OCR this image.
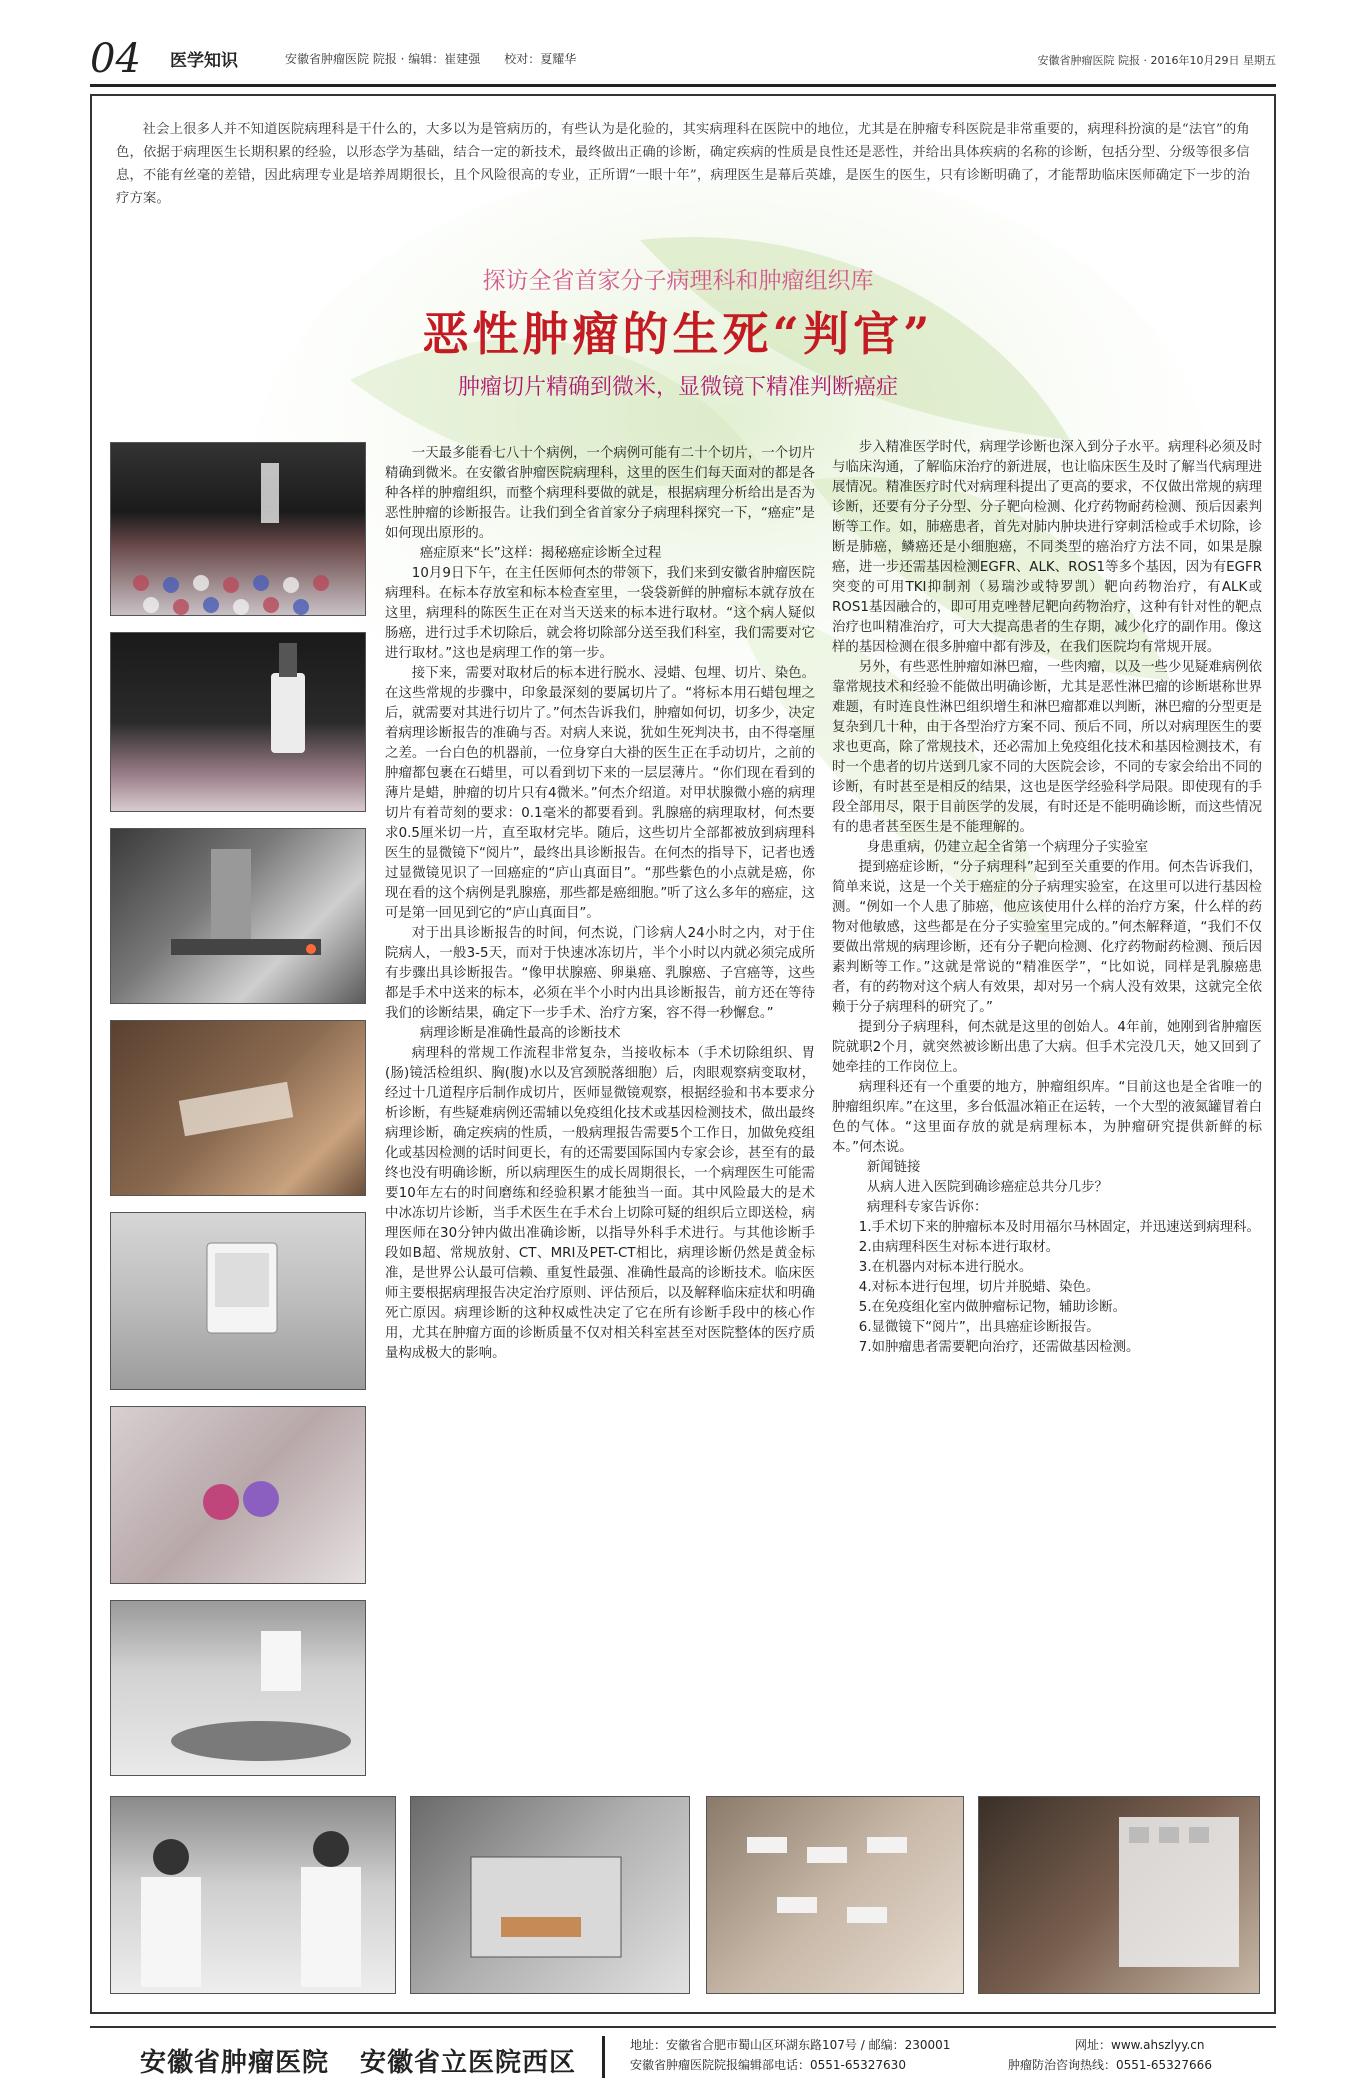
04 医学知识	安徽省肿瘤医院 院报 · 编辑：崔建强　　校对：夏耀华	安徽省肿瘤医院 院报 · 2016年10月29日 星期五
社会上很多人并不知道医院病理科是干什么的，大多以为是管病历的，有些认为是化验的，其实病理科在医院中的地位，尤其是在肿瘤专科医院是非常重要的，病理科扮演的是“法官”的角色，依据于病理医生长期积累的经验，以形态学为基础，结合一定的新技术，最终做出正确的诊断，确定疾病的性质是良性还是恶性，并给出具体疾病的名称的诊断，包括分型、分级等很多信息，不能有丝毫的差错，因此病理专业是培养周期很长，且个风险很高的专业，正所谓“一眼十年”，病理医生是幕后英雄，是医生的医生，只有诊断明确了，才能帮助临床医师确定下一步的治疗方案。
探访全省首家分子病理科和肿瘤组织库
恶性肿瘤的生死“判官”
肿瘤切片精确到微米，显微镜下精准判断癌症

一天最多能看七八十个病例，一个病例可能有二十个切片，一个切片精确到微米。在安徽省肿瘤医院病理科，这里的医生们每天面对的都是各种各样的肿瘤组织，而整个病理科要做的就是，根据病理分析给出是否为恶性肿瘤的诊断报告。让我们到全省首家分子病理科探究一下，“癌症”是如何现出原形的。

癌症原来“长”这样：揭秘癌症诊断全过程

10月9日下午，在主任医师何杰的带领下，我们来到安徽省肿瘤医院病理科。在标本存放室和标本检查室里，一袋袋新鲜的肿瘤标本就存放在这里，病理科的陈医生正在对当天送来的标本进行取材。“这个病人疑似肠癌，进行过手术切除后，就会将切除部分送至我们科室，我们需要对它进行取材。”这也是病理工作的第一步。

接下来，需要对取材后的标本进行脱水、浸蜡、包埋、切片、染色。在这些常规的步骤中，印象最深刻的要属切片了。“将标本用石蜡包埋之后，就需要对其进行切片了。”何杰告诉我们，肿瘤如何切，切多少，决定着病理诊断报告的准确与否。对病人来说，犹如生死判决书，由不得毫厘之差。一台白色的机器前，一位身穿白大褂的医生正在手动切片，之前的肿瘤都包裹在石蜡里，可以看到切下来的一层层薄片。“你们现在看到的薄片是蜡，肿瘤的切片只有4微米。”何杰介绍道。对甲状腺微小癌的病理切片有着苛刻的要求：0.1毫米的都要看到。乳腺癌的病理取材，何杰要求0.5厘米切一片，直至取材完毕。随后，这些切片全部都被放到病理科医生的显微镜下“阅片”，最终出具诊断报告。在何杰的指导下，记者也透过显微镜见识了一回癌症的“庐山真面目”。“那些紫色的小点就是癌，你现在看的这个病例是乳腺癌，那些都是癌细胞。”听了这么多年的癌症，这可是第一回见到它的“庐山真面目”。

对于出具诊断报告的时间，何杰说，门诊病人24小时之内，对于住院病人，一般3-5天，而对于快速冰冻切片，半个小时以内就必须完成所有步骤出具诊断报告。“像甲状腺癌、卵巢癌、乳腺癌、子宫癌等，这些都是手术中送来的标本，必须在半个小时内出具诊断报告，前方还在等待我们的诊断结果，确定下一步手术、治疗方案，容不得一秒懈怠。”

病理诊断是准确性最高的诊断技术

病理科的常规工作流程非常复杂，当接收标本（手术切除组织、胃(肠)镜活检组织、胸(腹)水以及宫颈脱落细胞）后，肉眼观察病变取材，经过十几道程序后制作成切片，医师显微镜观察，根据经验和书本要求分析诊断，有些疑难病例还需辅以免疫组化技术或基因检测技术，做出最终病理诊断，确定疾病的性质，一般病理报告需要5个工作日，加做免疫组化或基因检测的话时间更长，有的还需要国际国内专家会诊，甚至有的最终也没有明确诊断，所以病理医生的成长周期很长，一个病理医生可能需要10年左右的时间磨练和经验积累才能独当一面。其中风险最大的是术中冰冻切片诊断，当手术医生在手术台上切除可疑的组织后立即送检，病理医师在30分钟内做出准确诊断，以指导外科手术进行。与其他诊断手段如B超、常规放射、CT、MRI及PET-CT相比，病理诊断仍然是黄金标准，是世界公认最可信赖、重复性最强、准确性最高的诊断技术。临床医师主要根据病理报告决定治疗原则、评估预后，以及解释临床症状和明确死亡原因。病理诊断的这种权威性决定了它在所有诊断手段中的核心作用，尤其在肿瘤方面的诊断质量不仅对相关科室甚至对医院整体的医疗质量构成极大的影响。

步入精准医学时代，病理学诊断也深入到分子水平。病理科必须及时与临床沟通，了解临床治疗的新进展，也让临床医生及时了解当代病理进展情况。精准医疗时代对病理科提出了更高的要求，不仅做出常规的病理诊断，还要有分子分型、分子靶向检测、化疗药物耐药检测、预后因素判断等工作。如，肺癌患者，首先对肺内肿块进行穿刺活检或手术切除，诊断是肺癌，鳞癌还是小细胞癌，不同类型的癌治疗方法不同，如果是腺癌，进一步还需基因检测EGFR、ALK、ROS1等多个基因，因为有EGFR突变的可用TKI抑制剂（易瑞沙或特罗凯）靶向药物治疗，有ALK或ROS1基因融合的，即可用克唑替尼靶向药物治疗，这种有针对性的靶点治疗也叫精准治疗，可大大提高患者的生存期，减少化疗的副作用。像这样的基因检测在很多肿瘤中都有涉及，在我们医院均有常规开展。

另外，有些恶性肿瘤如淋巴瘤，一些肉瘤，以及一些少见疑难病例依靠常规技术和经验不能做出明确诊断，尤其是恶性淋巴瘤的诊断堪称世界难题，有时连良性淋巴组织增生和淋巴瘤都难以判断，淋巴瘤的分型更是复杂到几十种，由于各型治疗方案不同、预后不同，所以对病理医生的要求也更高，除了常规技术，还必需加上免疫组化技术和基因检测技术，有时一个患者的切片送到几家不同的大医院会诊，不同的专家会给出不同的诊断，有时甚至是相反的结果，这也是医学经验科学局限。即使现有的手段全部用尽，限于目前医学的发展，有时还是不能明确诊断，而这些情况有的患者甚至医生是不能理解的。

身患重病，仍建立起全省第一个病理分子实验室

提到癌症诊断，“分子病理科”起到至关重要的作用。何杰告诉我们，简单来说，这是一个关于癌症的分子病理实验室，在这里可以进行基因检测。“例如一个人患了肺癌，他应该使用什么样的治疗方案，什么样的药物对他敏感，这些都是在分子实验室里完成的。”何杰解释道，“我们不仅要做出常规的病理诊断，还有分子靶向检测、化疗药物耐药检测、预后因素判断等工作。”这就是常说的“精准医学”，“比如说，同样是乳腺癌患者，有的药物对这个病人有效果，却对另一个病人没有效果，这就完全依赖于分子病理科的研究了。”

提到分子病理科，何杰就是这里的创始人。4年前，她刚到省肿瘤医院就职2个月，就突然被诊断出患了大病。但手术完没几天，她又回到了她牵挂的工作岗位上。

病理科还有一个重要的地方，肿瘤组织库。“目前这也是全省唯一的肿瘤组织库。”在这里，多台低温冰箱正在运转，一个大型的液氮罐冒着白色的气体。“这里面存放的就是病理标本，为肿瘤研究提供新鲜的标本。”何杰说。

新闻链接

从病人进入医院到确诊癌症总共分几步？

病理科专家告诉你：

1.手术切下来的肿瘤标本及时用福尔马林固定，并迅速送到病理科。

2.由病理科医生对标本进行取材。

3.在机器内对标本进行脱水。

4.对标本进行包埋，切片并脱蜡、染色。

5.在免疫组化室内做肿瘤标记物，辅助诊断。

6.显微镜下“阅片”，出具癌症诊断报告。

7.如肿瘤患者需要靶向治疗，还需做基因检测。

安徽省肿瘤医院 安徽省立医院西区
地址：安徽省合肥市蜀山区环湖东路107号 / 邮编：230001
安徽省肿瘤医院院报编辑部电话：0551-65327630
网址：www.ahszlyy.cn
肿瘤防治咨询热线：0551-65327666
